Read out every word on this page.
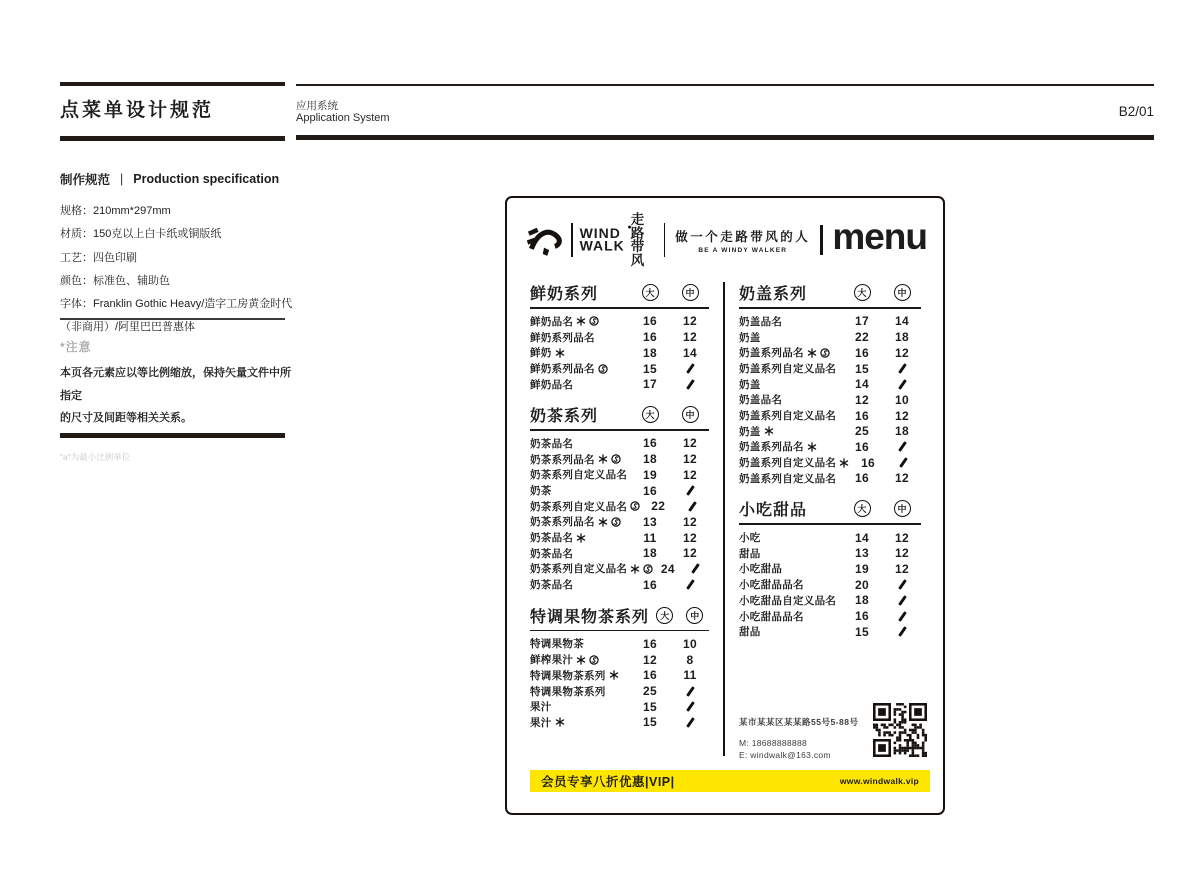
点菜单设计规范	应用系统
Application System	B2/01
制作规范 | Production specification
规格：210mm*297mm
材质：150克以上白卡纸或铜版纸
工艺：四色印刷
颜色：标准色、辅助色
字体：Franklin Gothic Heavy/造字工房黄金时代
（非商用）/阿里巴巴普惠体
*注意
本页各元素应以等比例缩放，保持矢量文件中所指定
的尺寸及间距等相关关系。
"a"为最小比例单位
WIND
WALK
走路
带风
做一个走路带风的人
BE A WINDY WALKER	menu
鲜奶系列	大	中
鲜奶品名	16 12
鲜奶系列品名	16 12
鲜奶	18 14
鲜奶系列品名	15
鲜奶品名	17
奶茶系列	大	中
奶茶品名	16 12
奶茶系列品名	18 12
奶茶系列自定义品名 19 12
奶茶	16
奶茶系列自定义品名 22
奶茶系列品名	13 12
奶茶品名	11 12
奶茶品名	18 12
奶茶系列自定义品名	24
奶茶品名	16
特调果物茶系列	大	中
特调果物茶	16 10
鲜榨果汁	12 8
特调果物茶系列	16 11
特调果物茶系列	25
果汁	15
果汁	15
奶盖系列	大	中
奶盖品名	17 14
奶盖	22 18
奶盖系列品名	16 12
奶盖系列自定义品名 15
奶盖	14
奶盖品名	12 10
奶盖系列自定义品名 16 12
奶盖	25 18
奶盖系列品名	16
奶盖系列自定义品名 16
奶盖系列自定义品名 16 12
小吃甜品	大	中
小吃	14 12
甜品	13 12
小吃甜品	19 12
小吃甜品品名	20
小吃甜品自定义品名 18
小吃甜品品名	16
甜品	15
某市某某区某某路55号5-88号
M: 18688888888
E: windwalk@163.com
会员专享八折优惠|VIP|	www.windwalk.vip
